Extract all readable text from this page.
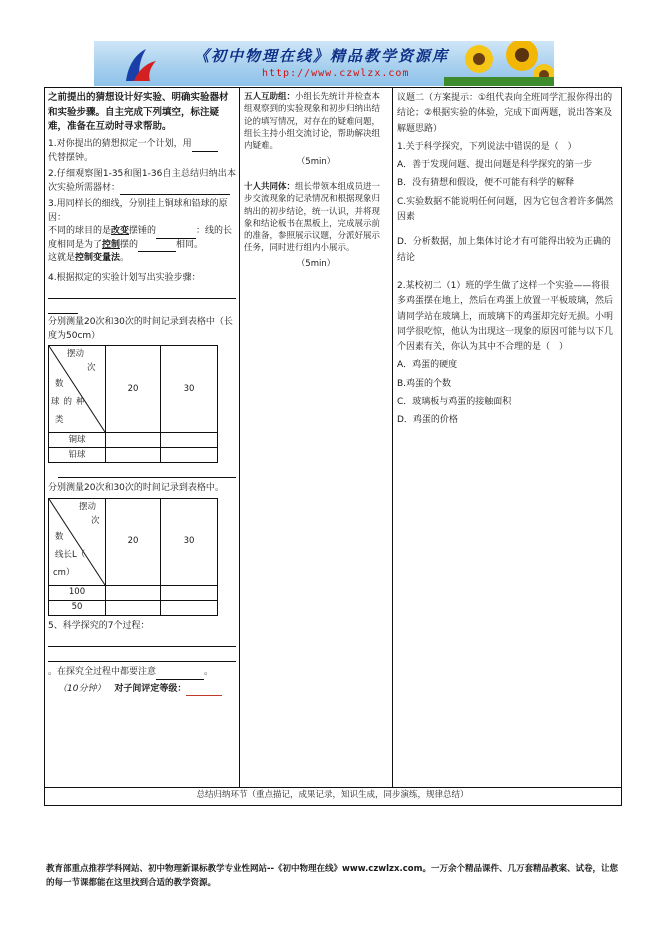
《初中物理在线》精品教学资源库
http://www.czwlzx.com

之前提出的猜想设计好实验、明确实验器材和实验步骤。自主完成下列填空，标注疑难，准备在互动时寻求帮助。

1.对你提出的猜想拟定一个计划，用
代替摆钟。

2.仔细观察图1-35和图1-36自主总结归纳出本次实验所需器材：

3.用同样长的细线，分别挂上铜球和铅球的原因：
不同的球目的是改变摆锤的	：线的长度相同是为了控制摆的	相同。
这就是控制变量法。

4.根据拟定的实验计划写出实验步骤：

分别测量20次和30次的时间记录到表格中（长度为50cm）

摆动
次
数
球的种
类	20	30
铜球		
铅球		

分别测量20次和30次的时间记录到表格中。

摆动
次
数
线长L（
cm）	20	30
100		
50		

5、科学探究的7个过程：

。在探究全过程中都要注意	。

（10分钟） 对子间评定等级：

五人互助组：小组长先统计并检查本组观察到的实验现象和初步归纳出结论的填写情况，对存在的疑难问题，组长主持小组交流讨论，帮助解决组内疑难。

（5min）

十人共同体：组长带领本组成员进一步交流现象的记录情况和根据现象归纳出的初步结论，统一认识，并将现象和结论板书在黑板上，完成展示前的准备，参照展示议题，分派好展示任务，同时进行组内小展示。

（5min）

议题二（方案提示：①组代表向全班同学汇报你得出的结论；②根据实验的体验，完成下面两题，说出答案及解题思路）

1.关于科学探究，下列说法中错误的是（　）

A．善于发现问题、提出问题是科学探究的第一步

B．没有猜想和假设，便不可能有科学的解释

C.实验数据不能说明任何问题，因为它包含着许多偶然因素

D．分析数据，加上集体讨论才有可能得出较为正确的结论

2.某校初二（1）班的学生做了这样一个实验——将很多鸡蛋摆在地上，然后在鸡蛋上放置一平板玻璃，然后请同学站在玻璃上，而玻璃下的鸡蛋却完好无损。小明同学很吃惊，他认为出现这一现象的原因可能与以下几个因素有关，你认为其中不合理的是（　）

A．鸡蛋的硬度

B.鸡蛋的个数

C．玻璃板与鸡蛋的接触面积

D．鸡蛋的价格

总结归纳环节（重点描记，成果记录，知识生成，同步演练，规律总结）
教育部重点推荐学科网站、初中物理新课标教学专业性网站--《初中物理在线》www.czwlzx.com。一万余个精品课件、几万套精品教案、试卷，让您的每一节课都能在这里找到合适的教学资源。
